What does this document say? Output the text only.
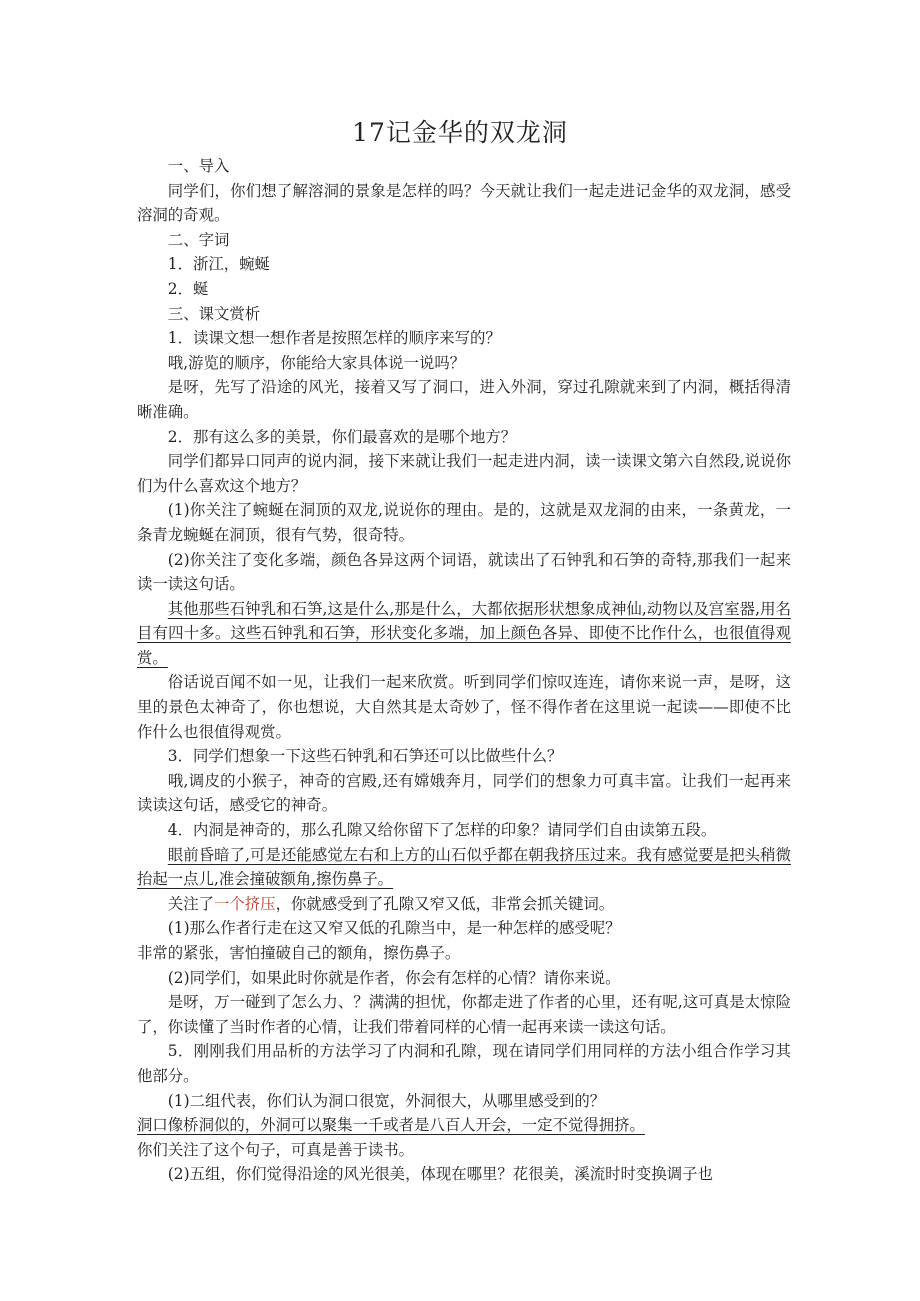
17记金华的双龙洞

一、导入

同学们，你们想了解溶洞的景象是怎样的吗？今天就让我们一起走进记金华的双龙洞，感受溶洞的奇观。

二、字词

1．浙江，蜿蜒

2．蜒

三、课文赏析

1．读课文想一想作者是按照怎样的顺序来写的？

哦,游览的顺序，你能给大家具体说一说吗？

是呀，先写了沿途的风光，接着又写了洞口，进入外洞，穿过孔隙就来到了内洞，概括得清晰准确。

2．那有这么多的美景，你们最喜欢的是哪个地方？

同学们都异口同声的说内洞，接下来就让我们一起走进内洞，读一读课文第六自然段,说说你们为什么喜欢这个地方？

(1)你关注了蜿蜒在洞顶的双龙,说说你的理由。是的，这就是双龙洞的由来，一条黄龙，一条青龙蜿蜒在洞顶，很有气势，很奇特。

(2)你关注了变化多端，颜色各异这两个词语，就读出了石钟乳和石笋的奇特,那我们一起来读一读这句话。

其他那些石钟乳和石笋,这是什么,那是什么，大都依据形状想象成神仙,动物以及宫室器,用名目有四十多。这些石钟乳和石笋，形状变化多端，加上颜色各异、即使不比作什么，也很值得观赏。

俗话说百闻不如一见，让我们一起来欣赏。听到同学们惊叹连连，请你来说一声，是呀，这里的景色太神奇了，你也想说，大自然其是太奇妙了，怪不得作者在这里说一起读——即使不比作什么也很值得观赏。

3．同学们想象一下这些石钟乳和石笋还可以比做些什么？

哦,调皮的小猴子，神奇的宫殿,还有嫦娥奔月，同学们的想象力可真丰富。让我们一起再来读读这句话，感受它的神奇。

4．内洞是神奇的，那么孔隙又给你留下了怎样的印象？请同学们自由读第五段。

眼前昏暗了,可是还能感觉左右和上方的山石似乎都在朝我挤压过来。我有感觉要是把头稍微抬起一点儿,准会撞破额角,擦伤鼻子。

关注了一个挤压，你就感受到了孔隙又窄又低，非常会抓关键词。

(1)那么作者行走在这又窄又低的孔隙当中，是一种怎样的感受呢？

非常的紧张，害怕撞破自己的额角，擦伤鼻子。

(2)同学们，如果此时你就是作者，你会有怎样的心情？请你来说。

是呀，万一碰到了怎么力、？满满的担忧，你都走进了作者的心里，还有呢,这可真是太惊险了，你读懂了当时作者的心情，让我们带着同样的心情一起再来读一读这句话。

5．刚刚我们用品析的方法学习了内洞和孔隙，现在请同学们用同样的方法小组合作学习其他部分。

(1)二组代表，你们认为洞口很宽，外洞很大，从哪里感受到的？

洞口像桥洞似的，外洞可以聚集一千或者是八百人开会，一定不觉得拥挤。

你们关注了这个句子，可真是善于读书。

(2)五组，你们觉得沿途的风光很美，体现在哪里？花很美，溪流时时变换调子也
